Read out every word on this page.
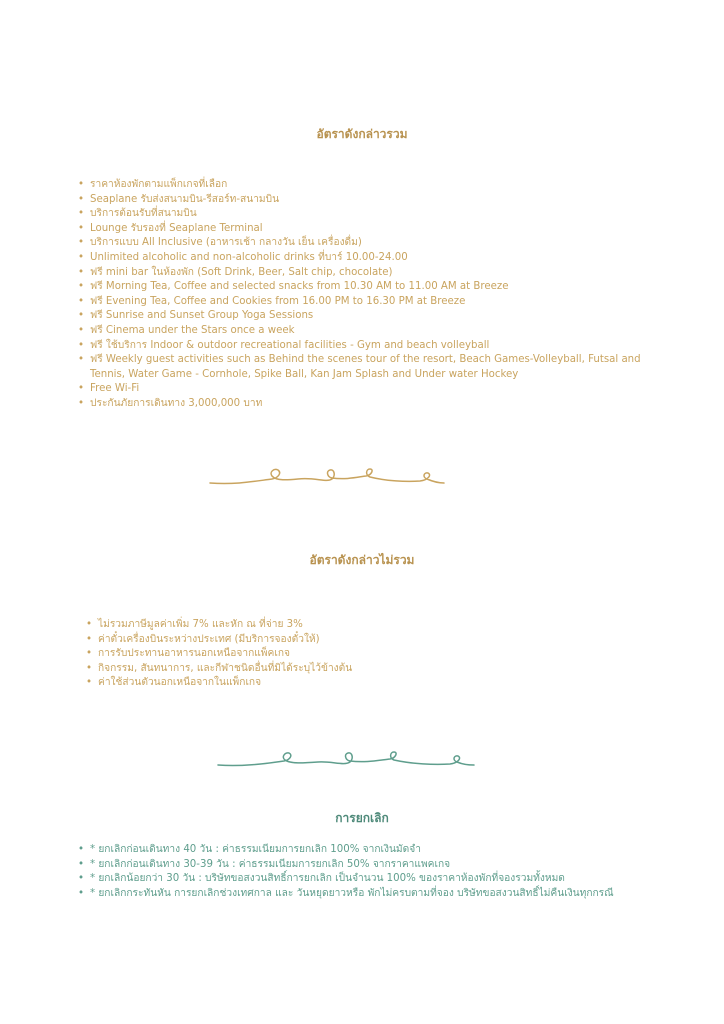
อัตราดังกล่าวรวม
• ราคาห้องพักตามแพ็กเกจที่เลือก
• Seaplane รับส่งสนามบิน-รีสอร์ท-สนามบิน
• บริการต้อนรับที่สนามบิน
• Lounge รับรองที่ Seaplane Terminal
• บริการแบบ All Inclusive (อาหารเช้า กลางวัน เย็น เครื่องดื่ม)
• Unlimited alcoholic and non-alcoholic drinks ที่บาร์ 10.00-24.00
• ฟรี mini bar ในห้องพัก (Soft Drink, Beer, Salt chip, chocolate)
• ฟรี Morning Tea, Coffee and selected snacks from 10.30 AM to 11.00 AM at Breeze
• ฟรี Evening Tea, Coffee and Cookies from 16.00 PM to 16.30 PM at Breeze
• ฟรี Sunrise and Sunset Group Yoga Sessions
• ฟรี Cinema under the Stars once a week
• ฟรี ใช้บริการ Indoor & outdoor recreational facilities - Gym and beach volleyball
• ฟรี Weekly guest activities such as Behind the scenes tour of the resort, Beach Games-Volleyball, Futsal and Tennis, Water Game - Cornhole, Spike Ball, Kan Jam Splash and Under water Hockey
• Free Wi-Fi
• ประกันภัยการเดินทาง 3,000,000 บาท
อัตราดังกล่าวไม่รวม
• ไม่รวมภาษีมูลค่าเพิ่ม 7% และหัก ณ ที่จ่าย 3%
• ค่าตั๋วเครื่องบินระหว่างประเทศ (มีบริการจองตั๋วให้)
• การรับประทานอาหารนอกเหนือจากแพ็คเกจ
• กิจกรรม, สันทนาการ, และกีฬาชนิดอื่นที่มิได้ระบุไว้ข้างต้น
• ค่าใช้ส่วนตัวนอกเหนือจากในแพ็กเกจ
การยกเลิก
• * ยกเลิกก่อนเดินทาง 40 วัน : ค่าธรรมเนียมการยกเลิก 100% จากเงินมัดจำ
• * ยกเลิกก่อนเดินทาง 30-39 วัน : ค่าธรรมเนียมการยกเลิก 50% จากราคาแพคเกจ
• * ยกเลิกน้อยกว่า 30 วัน : บริษัทขอสงวนสิทธิ์การยกเลิก เป็นจำนวน 100% ของราคาห้องพักที่จองรวมทั้งหมด
• * ยกเลิกกระทันหัน การยกเลิกช่วงเทศกาล และ วันหยุดยาวหรือ พักไม่ครบตามที่จอง บริษัทขอสงวนสิทธิ์ไม่คืนเงินทุกกรณี
